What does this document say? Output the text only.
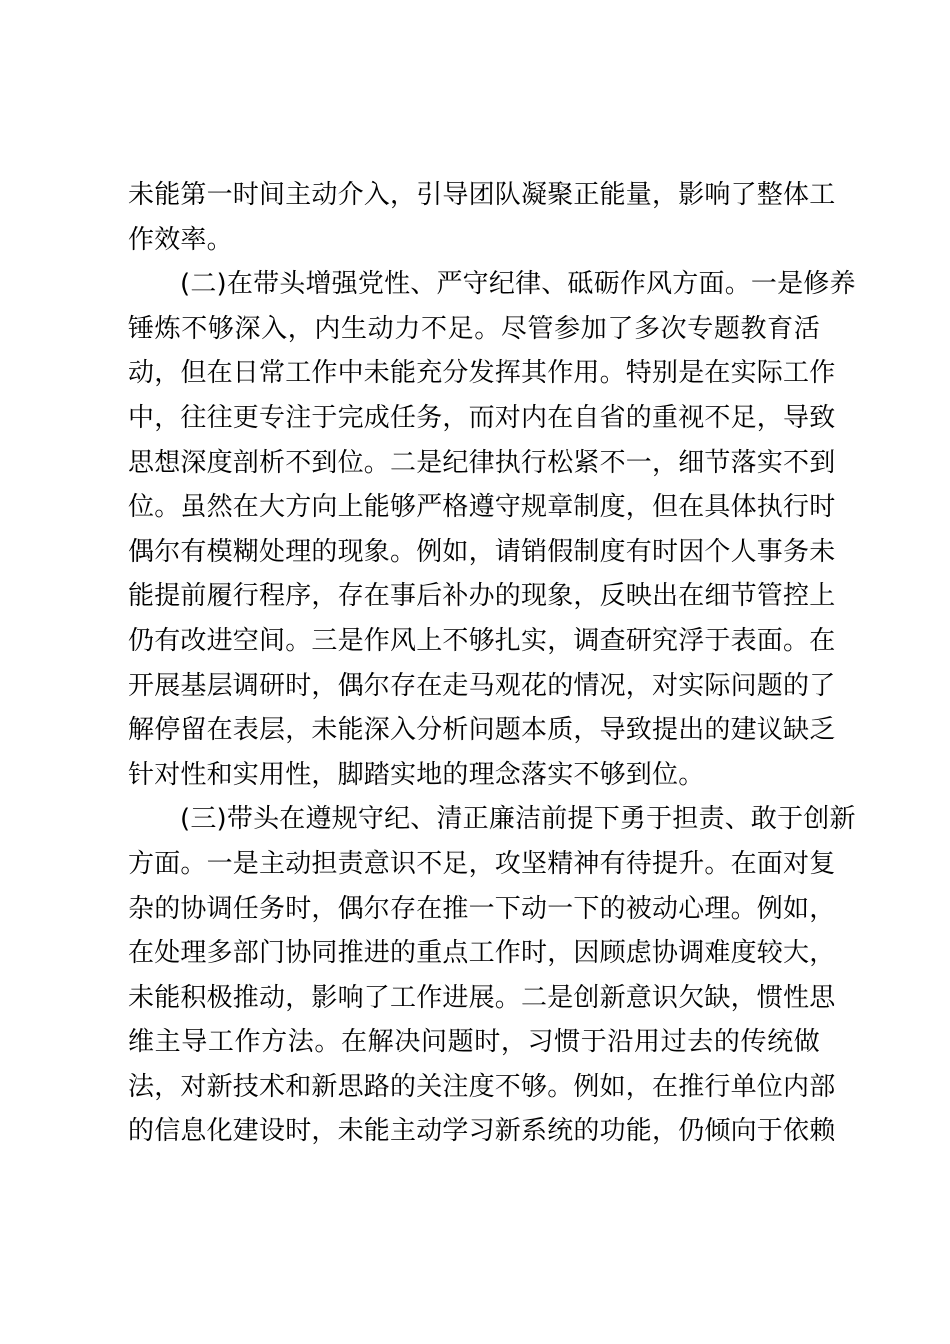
未能第一时间主动介入，引导团队凝聚正能量，影响了整体工
作效率。
(二)在带头增强党性、严守纪律、砥砺作风方面。一是修养
锤炼不够深入，内生动力不足。尽管参加了多次专题教育活
动，但在日常工作中未能充分发挥其作用。特别是在实际工作
中，往往更专注于完成任务，而对内在自省的重视不足，导致
思想深度剖析不到位。二是纪律执行松紧不一，细节落实不到
位。虽然在大方向上能够严格遵守规章制度，但在具体执行时
偶尔有模糊处理的现象。例如，请销假制度有时因个人事务未
能提前履行程序，存在事后补办的现象，反映出在细节管控上
仍有改进空间。三是作风上不够扎实，调查研究浮于表面。在
开展基层调研时，偶尔存在走马观花的情况，对实际问题的了
解停留在表层，未能深入分析问题本质，导致提出的建议缺乏
针对性和实用性，脚踏实地的理念落实不够到位。
(三)带头在遵规守纪、清正廉洁前提下勇于担责、敢于创新
方面。一是主动担责意识不足，攻坚精神有待提升。在面对复
杂的协调任务时，偶尔存在推一下动一下的被动心理。例如，
在处理多部门协同推进的重点工作时，因顾虑协调难度较大，
未能积极推动，影响了工作进展。二是创新意识欠缺，惯性思
维主导工作方法。在解决问题时，习惯于沿用过去的传统做
法，对新技术和新思路的关注度不够。例如，在推行单位内部
的信息化建设时，未能主动学习新系统的功能，仍倾向于依赖
